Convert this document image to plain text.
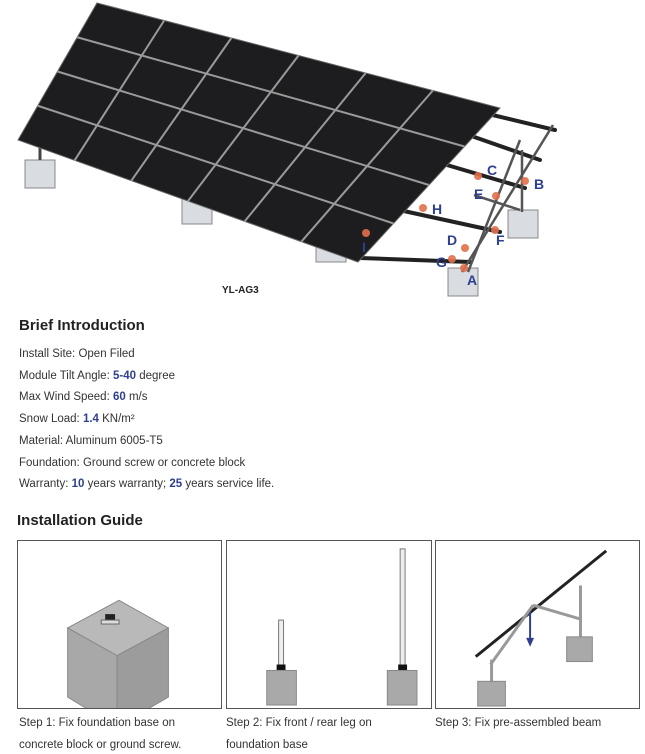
A
B
C
D
E
F
G
H
I
YL-AG3
Brief Introduction
Install Site: Open Filed
Module Tilt Angle: 5-40 degree
Max Wind Speed: 60 m/s
Snow Load: 1.4 KN/m²
Material: Aluminum 6005-T5
Foundation: Ground screw or concrete block
Warranty: 10 years warranty; 25 years service life.
Installation Guide
Step 1: Fix foundation base on
concrete block or ground screw.
Step 2: Fix front / rear leg on
foundation base
Step 3: Fix pre-assembled beam
